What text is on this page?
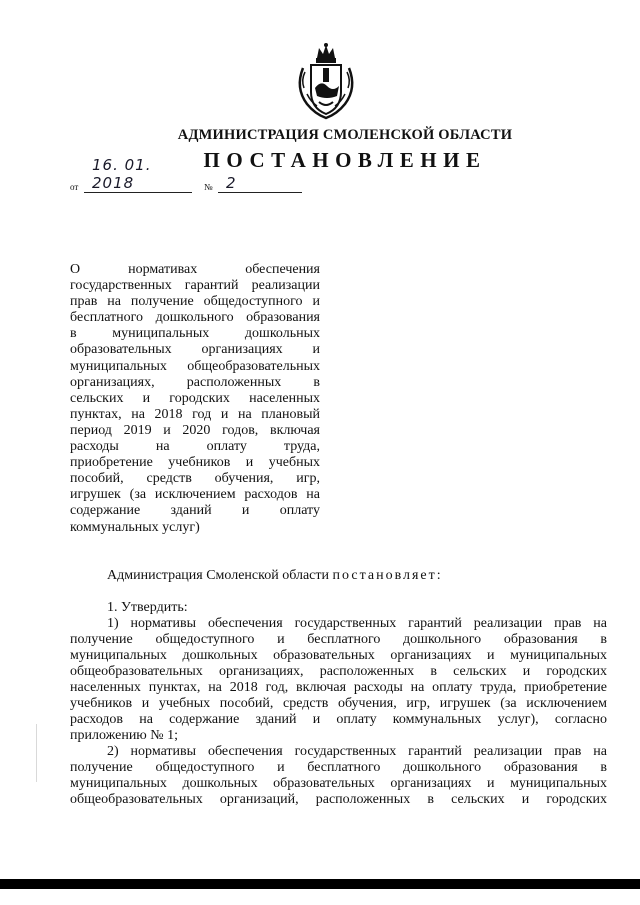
АДМИНИСТРАЦИЯ СМОЛЕНСКОЙ ОБЛАСТИ
ПОСТАНОВЛЕНИЕ
от
16. 01. 2018	№ 2
О нормативах обеспечения
государственных гарантий реализации
прав на получение общедоступного и
бесплатного дошкольного образования
в муниципальных дошкольных
образовательных организациях и
муниципальных общеобразовательных
организациях, расположенных в
сельских и городских населенных
пунктах, на 2018 год и на плановый
период 2019 и 2020 годов, включая
расходы на оплату труда,
приобретение учебников и учебных
пособий, средств обучения, игр,
игрушек (за исключением расходов на
содержание зданий и оплату
коммунальных услуг)
Администрация Смоленской области постановляет:
1. Утвердить:
1) нормативы обеспечения государственных гарантий реализации прав на
получение общедоступного и бесплатного дошкольного образования в
муниципальных дошкольных образовательных организациях и муниципальных
общеобразовательных организациях, расположенных в сельских и городских
населенных пунктах, на 2018 год, включая расходы на оплату труда, приобретение
учебников и учебных пособий, средств обучения, игр, игрушек (за исключением
расходов на содержание зданий и оплату коммунальных услуг), согласно
приложению № 1;
2) нормативы обеспечения государственных гарантий реализации прав на
получение общедоступного и бесплатного дошкольного образования в
муниципальных дошкольных образовательных организациях и муниципальных
общеобразовательных организаций, расположенных в сельских и городских
